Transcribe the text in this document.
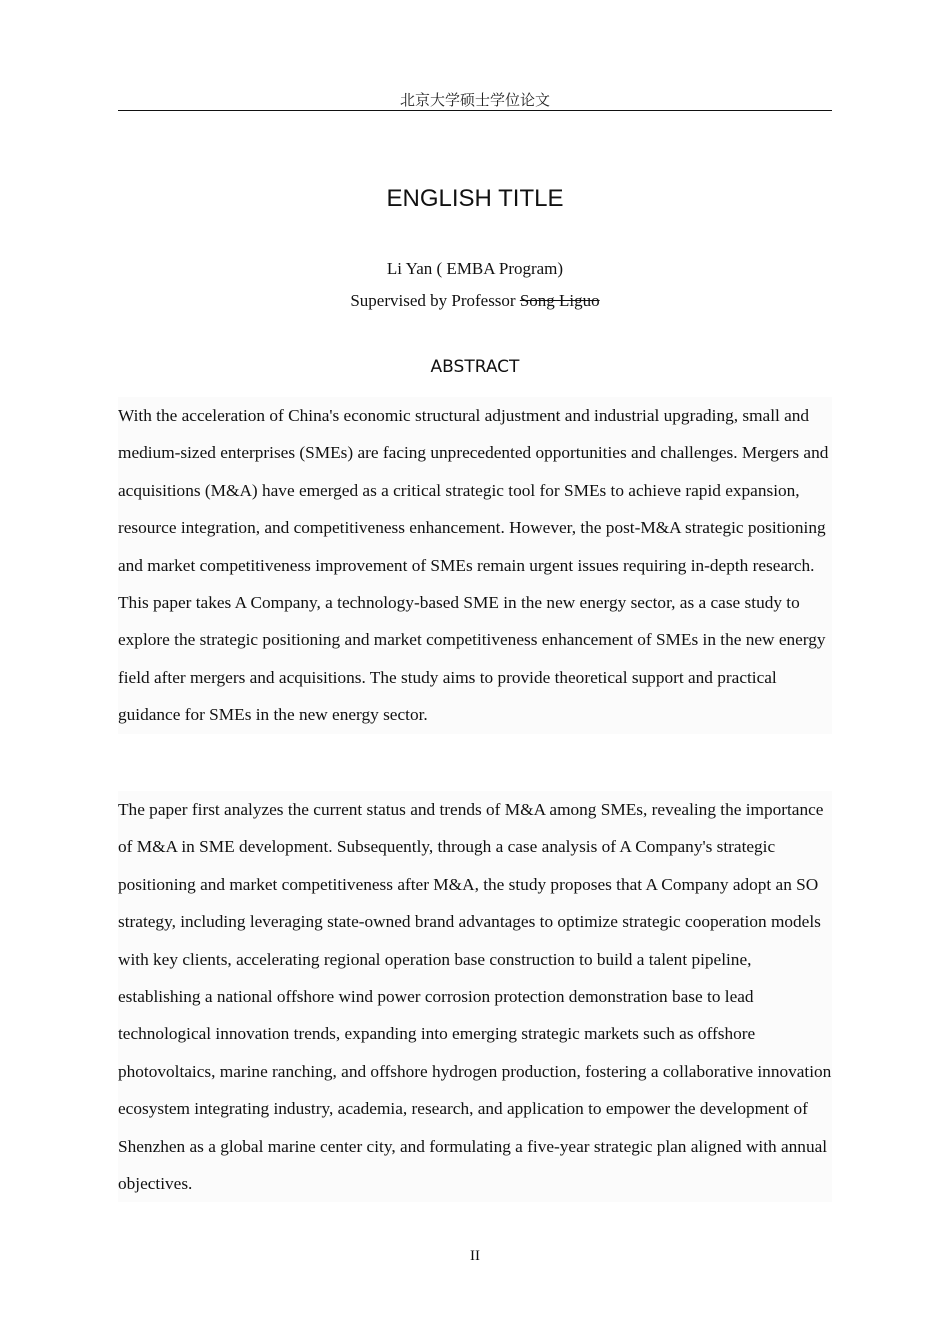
北京大学硕士学位论文
ENGLISH TITLE
Li Yan ( EMBA Program)
Supervised by Professor Song Liguo
ABSTRACT

With the acceleration of China's economic structural adjustment and industrial upgrading, small and medium-sized enterprises (SMEs) are facing unprecedented opportunities and challenges. Mergers and acquisitions (M&A) have emerged as a critical strategic tool for SMEs to achieve rapid expansion, resource integration, and competitiveness enhancement. However, the post-M&A strategic positioning and market competitiveness improvement of SMEs remain urgent issues requiring in-depth research. This paper takes A Company, a technology-based SME in the new energy sector, as a case study to explore the strategic positioning and market competitiveness enhancement of SMEs in the new energy field after mergers and acquisitions. The study aims to provide theoretical support and practical guidance for SMEs in the new energy sector.

The paper first analyzes the current status and trends of M&A among SMEs, revealing the importance of M&A in SME development. Subsequently, through a case analysis of A Company's strategic positioning and market competitiveness after M&A, the study proposes that A Company adopt an SO strategy, including leveraging state-owned brand advantages to optimize strategic cooperation models with key clients, accelerating regional operation base construction to build a talent pipeline, establishing a national offshore wind power corrosion protection demonstration base to lead technological innovation trends, expanding into emerging strategic markets such as offshore photovoltaics, marine ranching, and offshore hydrogen production, fostering a collaborative innovation ecosystem integrating industry, academia, research, and application to empower the development of Shenzhen as a global marine center city, and formulating a five-year strategic plan aligned with annual objectives.

II
